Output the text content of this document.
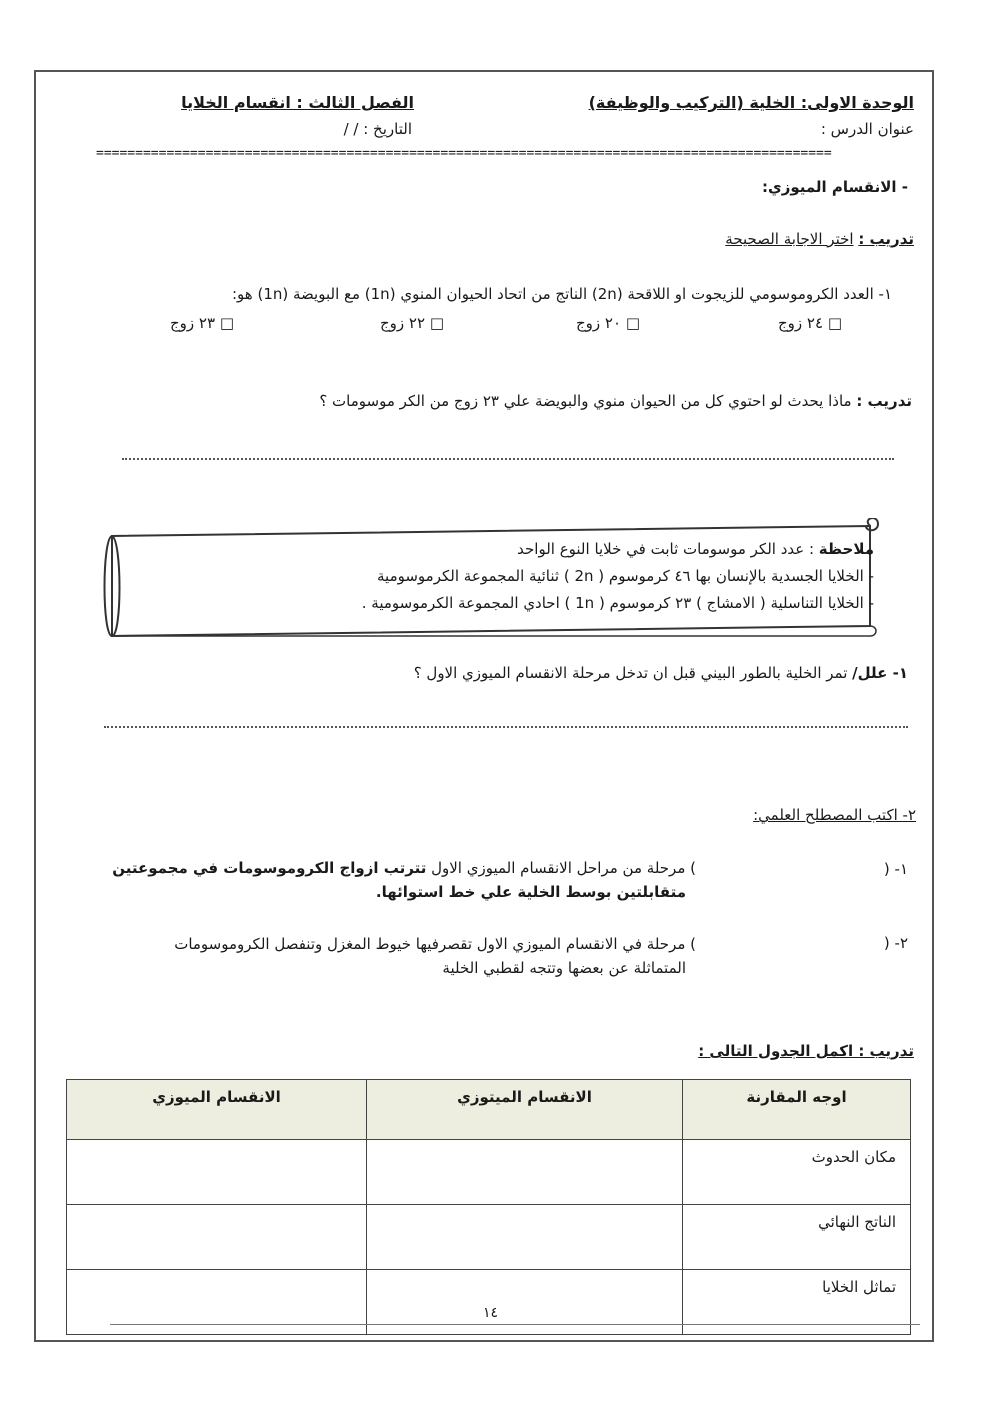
الوحدة الاولى: الخلية (التركيب والوظيفة)
الفصل الثالث : انقسام الخلايا
عنوان الدرس :
التاريخ : / /
==============================================================================================
- الانقسام الميوزي:
تدريب : اختر الاجابة الصحيحة
١- العدد الكروموسومي للزيجوت او اللاقحة (2n) الناتج من اتحاد الحيوان المنوي (1n) مع البويضة (1n) هو:
□ ٢٤ زوج
□ ٢٠ زوج
□ ٢٢ زوج
□ ٢٣ زوج
تدريب : ماذا يحدث لو احتوي كل من الحيوان منوي والبويضة علي ٢٣ زوج من الكر موسومات ؟
ملاحظة : عدد الكر موسومات ثابت في خلايا النوع الواحد
- الخلايا الجسدية بالإنسان بها ٤٦ كرموسوم ( 2n ) ثنائية المجموعة الكرموسومية
- الخلايا التناسلية ( الامشاج ) ٢٣ كرموسوم ( 1n ) احادي المجموعة الكرموسومية .
١- علل/ تمر الخلية بالطور البيني قبل ان تدخل مرحلة الانقسام الميوزي الاول ؟
٢- اكتب المصطلح العلمي:
١- (
) مرحلة من مراحل الانقسام الميوزي الاول تترتب ازواج الكروموسومات في مجموعتين
متقابلتين بوسط الخلية علي خط استوائها.
٢- (
) مرحلة في الانقسام الميوزي الاول تقصرفيها خيوط المغزل وتنفصل الكروموسومات
المتماثلة عن بعضها وتتجه لقطبي الخلية
تدريب : اكمل الجدول التالى :
اوجه المقارنة	الانقسام الميتوزي	الانقسام الميوزي
مكان الحدوث		
الناتج النهائي		
تماثل الخلايا		
١٤
